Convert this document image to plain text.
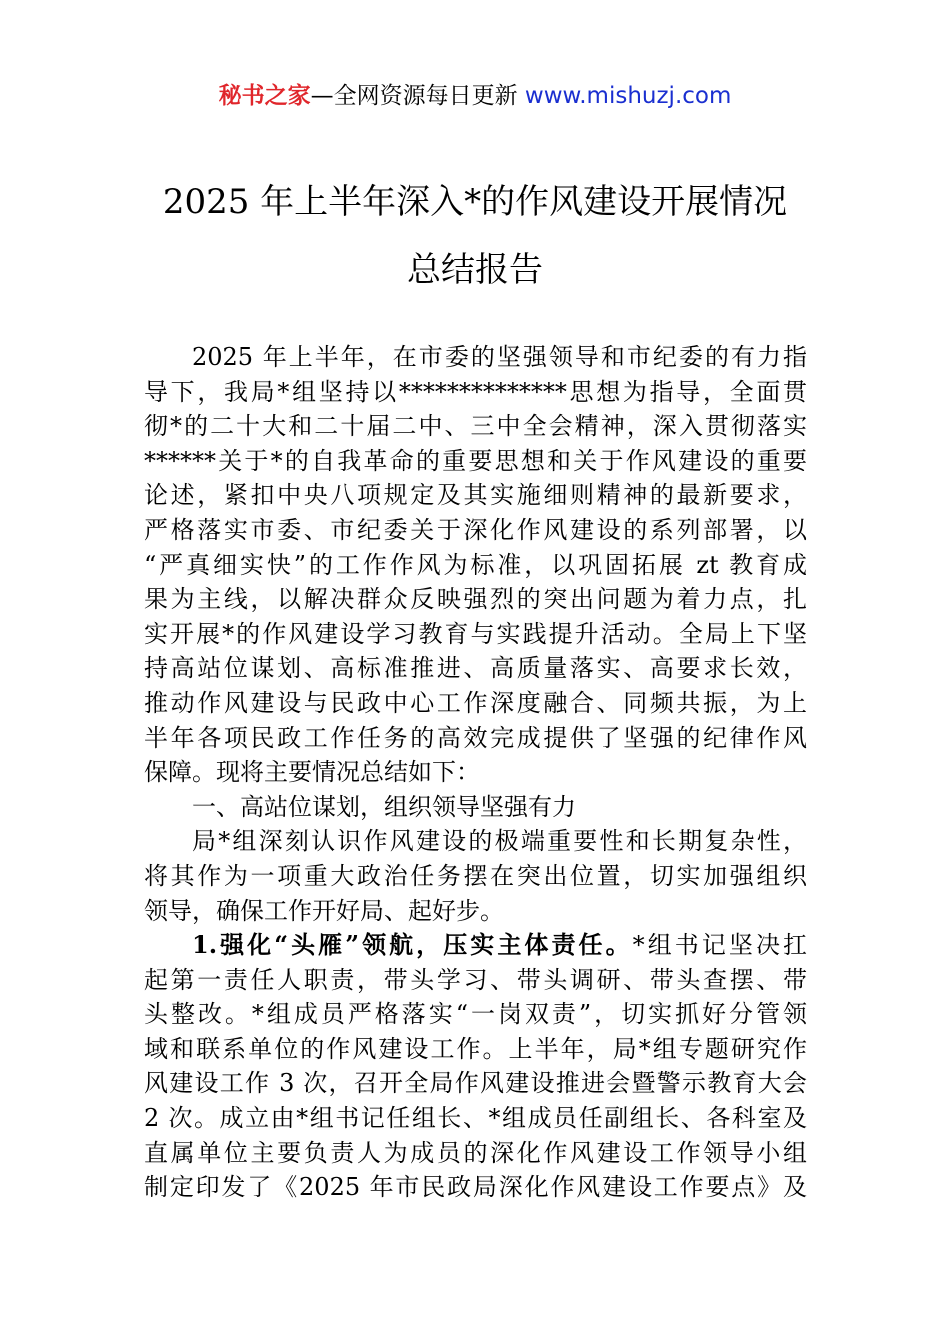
秘书之家—全网资源每日更新 www.mishuzj.com
2025 年上半年深入*的作风建设开展情况
总结报告
2025 年上半年，在市委的坚强领导和市纪委的有力指
导下，我局*组坚持以**************思想为指导，全面贯
彻*的二十大和二十届二中、三中全会精神，深入贯彻落实
******关于*的自我革命的重要思想和关于作风建设的重要
论述，紧扣中央八项规定及其实施细则精神的最新要求，
严格落实市委、市纪委关于深化作风建设的系列部署，以
“严真细实快”的工作作风为标准，以巩固拓展 zt 教育成
果为主线，以解决群众反映强烈的突出问题为着力点，扎
实开展*的作风建设学习教育与实践提升活动。全局上下坚
持高站位谋划、高标准推进、高质量落实、高要求长效，
推动作风建设与民政中心工作深度融合、同频共振，为上
半年各项民政工作任务的高效完成提供了坚强的纪律作风
保障。现将主要情况总结如下：
一、高站位谋划，组织领导坚强有力
局*组深刻认识作风建设的极端重要性和长期复杂性，
将其作为一项重大政治任务摆在突出位置，切实加强组织
领导，确保工作开好局、起好步。
1.强化“头雁”领航，压实主体责任。*组书记坚决扛
起第一责任人职责，带头学习、带头调研、带头查摆、带
头整改。*组成员严格落实“一岗双责”，切实抓好分管领
域和联系单位的作风建设工作。上半年，局*组专题研究作
风建设工作 3 次，召开全局作风建设推进会暨警示教育大会
2 次。成立由*组书记任组长、*组成员任副组长、各科室及
直属单位主要负责人为成员的深化作风建设工作领导小组
制定印发了《2025 年市民政局深化作风建设工作要点》及
